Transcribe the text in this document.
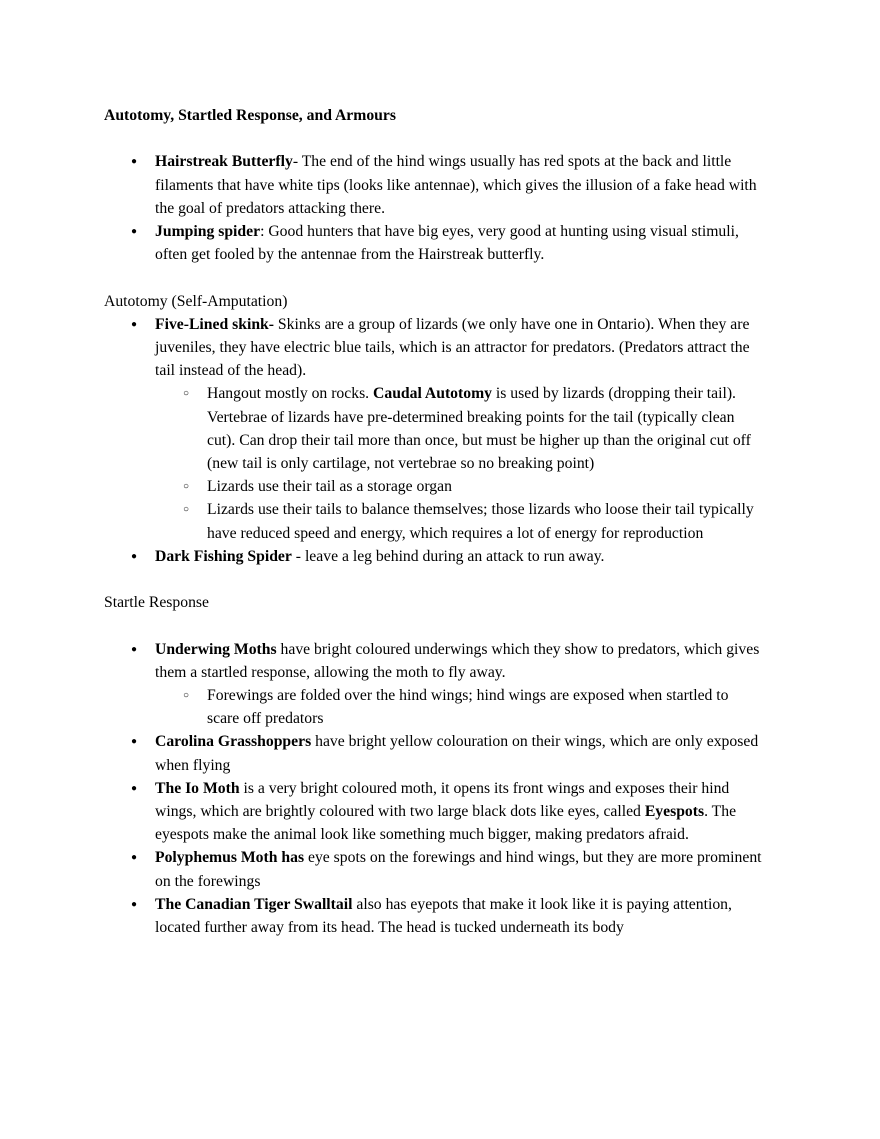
Autotomy, Startled Response, and Armours
●	Hairstreak Butterfly- The end of the hind wings usually has red spots at the back and little filaments that have white tips (looks like antennae), which gives the illusion of a fake head with the goal of predators attacking there.
●	Jumping spider: Good hunters that have big eyes, very good at hunting using visual stimuli, often get fooled by the antennae from the Hairstreak butterfly.
Autotomy (Self-Amputation)
●	Five-Lined skink- Skinks are a group of lizards (we only have one in Ontario). When they are juveniles, they have electric blue tails, which is an attractor for predators. (Predators attract the tail instead of the head).
○	Hangout mostly on rocks. Caudal Autotomy is used by lizards (dropping their tail). Vertebrae of lizards have pre-determined breaking points for the tail (typically clean cut). Can drop their tail more than once, but must be higher up than the original cut off (new tail is only cartilage, not vertebrae so no breaking point)
○	Lizards use their tail as a storage organ
○	Lizards use their tails to balance themselves; those lizards who loose their tail typically have reduced speed and energy, which requires a lot of energy for reproduction
●	Dark Fishing Spider - leave a leg behind during an attack to run away.
Startle Response
●	Underwing Moths have bright coloured underwings which they show to predators, which gives them a startled response, allowing the moth to fly away.
○	Forewings are folded over the hind wings; hind wings are exposed when startled to scare off predators
●	Carolina Grasshoppers have bright yellow colouration on their wings, which are only exposed when flying
●	The Io Moth is a very bright coloured moth, it opens its front wings and exposes their hind wings, which are brightly coloured with two large black dots like eyes, called Eyespots. The eyespots make the animal look like something much bigger, making predators afraid.
●	Polyphemus Moth has eye spots on the forewings and hind wings, but they are more prominent on the forewings
●	The Canadian Tiger Swalltail also has eyepots that make it look like it is paying attention, located further away from its head. The head is tucked underneath its body
